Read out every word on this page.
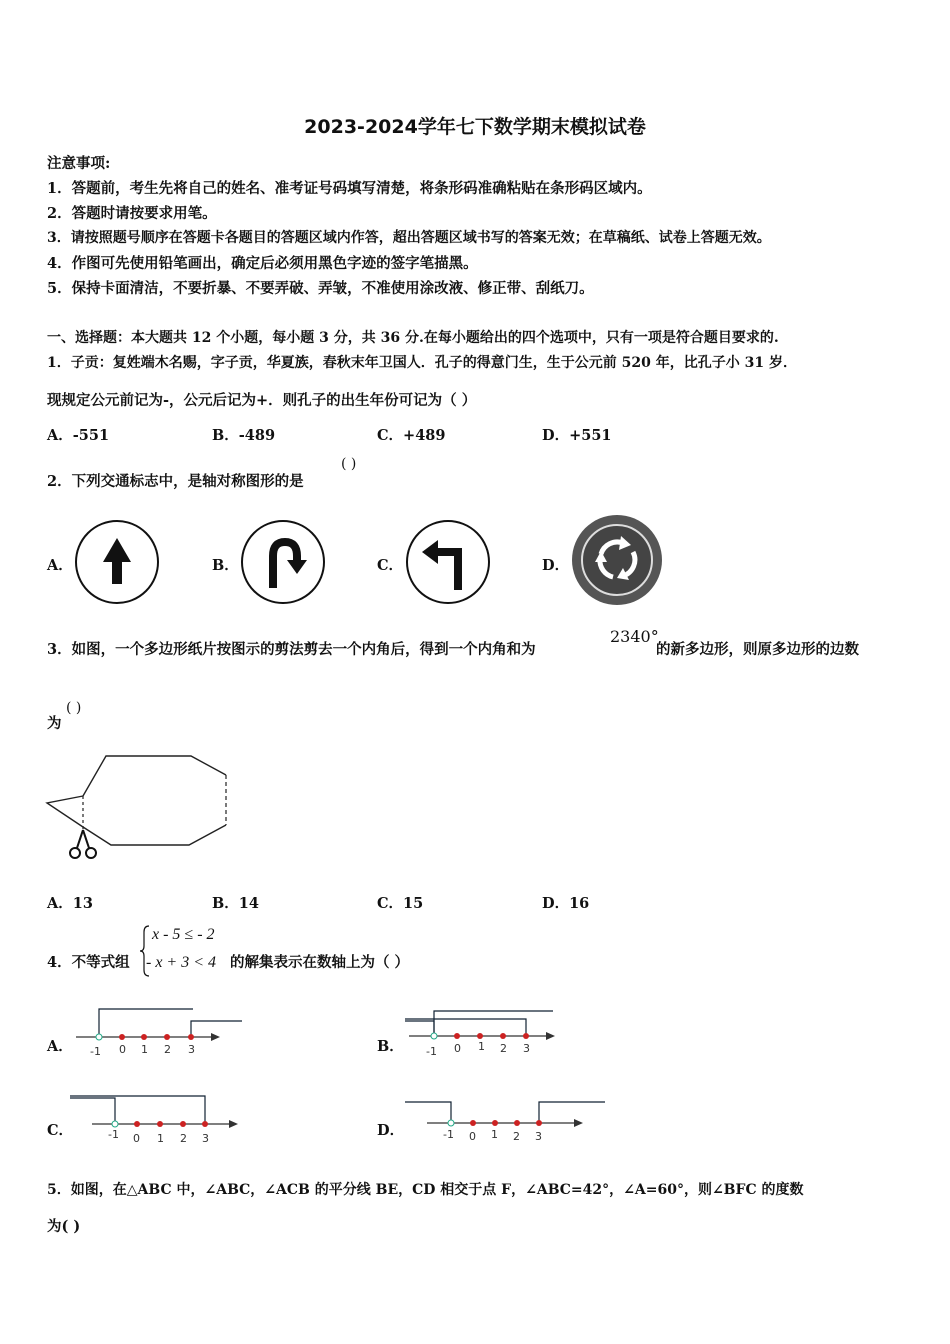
2023-2024学年七下数学期末模拟试卷
注意事项:
1．答题前，考生先将自己的姓名、准考证号码填写清楚，将条形码准确粘贴在条形码区域内。
2．答题时请按要求用笔。
3．请按照题号顺序在答题卡各题目的答题区域内作答，超出答题区域书写的答案无效；在草稿纸、试卷上答题无效。
4．作图可先使用铅笔画出，确定后必须用黑色字迹的签字笔描黑。
5．保持卡面清洁，不要折暴、不要弄破、弄皱，不准使用涂改液、修正带、刮纸刀。
一、选择题：本大题共 12 个小题，每小题 3 分，共 36 分.在每小题给出的四个选项中，只有一项是符合题目要求的.
1．子贡：复姓端木名赐，字子贡，华夏族，春秋末年卫国人．孔子的得意门生，生于公元前 520 年，比孔子小 31 岁．
现规定公元前记为-，公元后记为+．则孔子的出生年份可记为（ ）
A．-551	B．-489	C．+489	D．+551
2．下列交通标志中，是轴对称图形的是
( )
A．	B．	C．	D．
3．如图，一个多边形纸片按图示的剪法剪去一个内角后，得到一个内角和为
2340°
的新多边形，则原多边形的边数
为
( )
A．13	B．14	C．15	D．16
4．不等式组
x - 5 ≤ - 2
- x + 3 < 4 的解集表示在数轴上为（ ）
A． -1 0 1 2 3	B． -1 0 1 2 3
C．	-1 0 1 2 3	D．	-1 0 1 2 3
5．如图，在△ABC 中，∠ABC，∠ACB 的平分线 BE，CD 相交于点 F，∠ABC=42°，∠A=60°，则∠BFC 的度数
为( )
